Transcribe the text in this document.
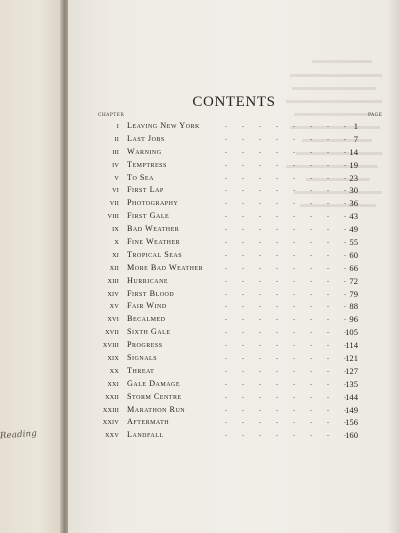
Reading
CONTENTS
CHAPTER	PAGE
I Leaving New York	. . . . . . . . 1
II Last Jobs	. . . . . . . . 7
III Warning	. . . . . . . . 14
IV Temptress	. . . . . . . . 19
V To Sea	. . . . . . . . 23
VI First Lap	. . . . . . . . 30
VII Photography	. . . . . . . . 36
VIII First Gale	. . . . . . . . 43
IX Bad Weather	. . . . . . . . 49
X Fine Weather	. . . . . . . . 55
XI Tropical Seas	. . . . . . . . 60
XII More Bad Weather	. . . . . . . . 66
XIII Hurricane	. . . . . . . . 72
XIV First Blood	. . . . . . . . 79
XV Fair Wind	. . . . . . . . 88
XVI Becalmed	. . . . . . . . 96
XVII Sixth Gale	. . . . . . . . 105
XVIII Progress	. . . . . . . . 114
XIX Signals	. . . . . . . . 121
XX Threat	. . . . . . . . 127
XXI Gale Damage	. . . . . . . . 135
XXII Storm Centre	. . . . . . . . 144
XXIII Marathon Run	. . . . . . . . 149
XXIV Aftermath	. . . . . . . . 156
XXV Landfall	. . . . . . . . 160
